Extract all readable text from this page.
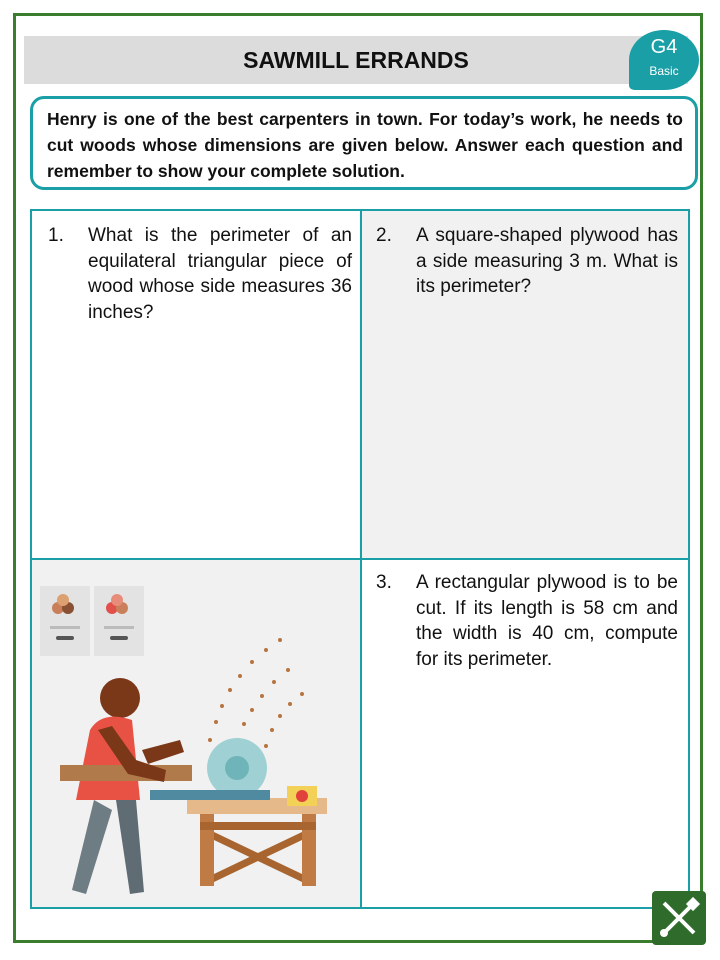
SAWMILL ERRANDS	G4
Basic

Henry is one of the best carpenters in town. For today’s work, he needs to cut woods whose dimensions are given below. Answer each question and remember to show your complete solution.

1. What is the perimeter of an equilateral triangular piece of wood whose side measures 36 inches?
2. A square-shaped plywood has a side measuring 3 m. What is its perimeter?
3. A rectangular plywood is to be cut. If its length is 58 cm and the width is 40 cm, compute for its perimeter.
